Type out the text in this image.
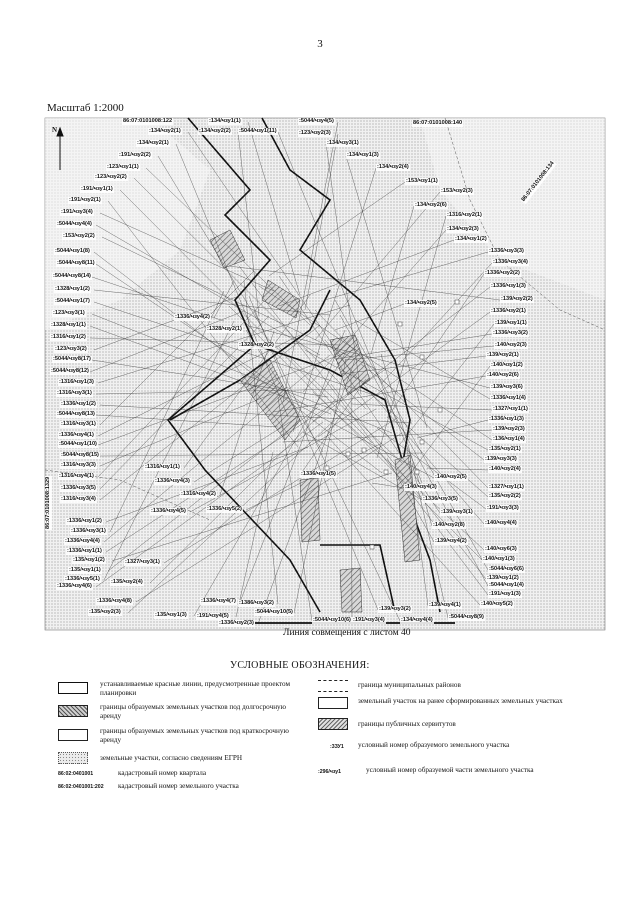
3
Масштаб 1:2000
N
86:07:0101008:122	86:07:0101008:140
86:07:0101008:134
86:07:0101008:1329
:134/чзу1(1)	:5044/чзу4(5)
:134/чзу2(1)	:134/чзу2(2) :5044/чзу1(11)	:123/чзу2(3)
:134/чзу2(1)	:134/чзу3(1)
:191/чзу2(2)	:134/чзу1(3)
:123/чзу1(1)	:134/чзу2(4)
:123/чзу2(2)
:153/чзу1(1)
:191/чзу1(1)	:153/чзу2(3)
:191/чзу2(1)
:134/чзу2(6)
:191/чзу3(4)	:1316/чзу2(1)
:5044/чзу4(4)
:134/чзу2(3)
:153/чзу2(2)	:134/чзу1(2)
:5044/чзу1(8)	:1336/чзу3(3)
:5044/чзу8(11)	:1336/чзу3(4)
:5044/чзу8(14)	:1336/чзу2(2)
:1328/чзу1(2)	:1336/чзу1(3)
:5044/чзу1(7)	:139/чзу2(2)
:123/чзу3(1)
:134/чзу2(5)
:1336/чзу2(1)
:1328/чзу1(1)
:1336/чзу4(2)
:139/чзу1(1)
:1316/чзу1(2)
:1328/чзу2(1)
:1336/чзу3(2)
:123/чзу3(2)
:1328/чзу2(2)	:140/чзу2(3)
:5044/чзу8(17)
:139/чзу2(1)
:5044/чзу8(12)
:140/чзу1(2)
:1316/чзу1(3)
:140/чзу2(6)
:1316/чзу3(1)
:139/чзу3(6)
:1336/чзу1(2)
:1336/чзу1(4)
:5044/чзу8(13)
:1327/чзу1(1)
:1316/чзу3(1)
:1336/чзу1(3)
:1336/чзу4(1)
:139/чзу2(3)
:5044/чзу1(10)
:136/чзу1(4)
:5044/чзу8(15)
:135/чзу2(1)
:1316/чзу3(3)
:139/чзу3(3)
:1316/чзу4(1)
:140/чзу2(4)
:1316/чзу1(1)
:140/чзу2(5)
:1336/чзу1(5)
:1336/чзу3(5)	:140/чзу4(3)	:1327/чзу1(1)
:1336/чзу4(3)
:135/чзу2(2)
:1316/чзу4(2)
:191/чзу3(3)
:1316/чзу3(4)	:1336/чзу3(5)
:1336/чзу4(5)	:139/чзу3(1)
:1336/чзу5(2)
:140/чзу4(4)
:1336/чзу1(2)
:140/чзу2(8)
:1336/чзу3(1)
:139/чзу4(2)
:1336/чзу4(4)
:140/чзу6(3)
:1336/чзу1(1)
:140/чзу1(3)
:135/чзу1(2)
:5044/чзу6(6)
:135/чзу1(1)
:139/чзу1(2)
:1336/чзу5(1)
:1327/чзу3(1)
:5044/чзу1(4)
:1336/чзу4(6)
:135/чзу2(4)
:191/чзу1(3)
:1336/чзу4(8)	:1336/чзу4(7)	:140/чзу5(2)
:135/чзу2(3)
:1386/чзу3(2)	:139/чзу4(1)
:135/чзу1(3) :191/чзу4(5)
:5044/чзу10(5)	:139/чзу3(2)
:5044/чзу8(9)
:1336/чзу2(3)	:5044/чзу10(6) :191/чзу3(4)	:134/чзу4(4)
Линия совмещения с листом 40
УСЛОВНЫЕ ОБОЗНАЧЕНИЯ:
устанавливаемые красные линии, предусмотренные проектом планировки
границы образуемых земельных участков под долгосрочную аренду
границы образуемых земельных участков под краткосрочную аренду
земельные участки, согласно сведениям ЕГРН
86:02:0401001	кадастровый номер квартала
86:02:0401001:202 кадастровый номер земельного участка
граница муниципальных районов
земельный участок на ранее сформированных земельных участках
границы публичных сервитутов
:3ЗУ1 условный номер образуемого земельного участка
:296/чзу1	условный номер образуемой части земельного участка
